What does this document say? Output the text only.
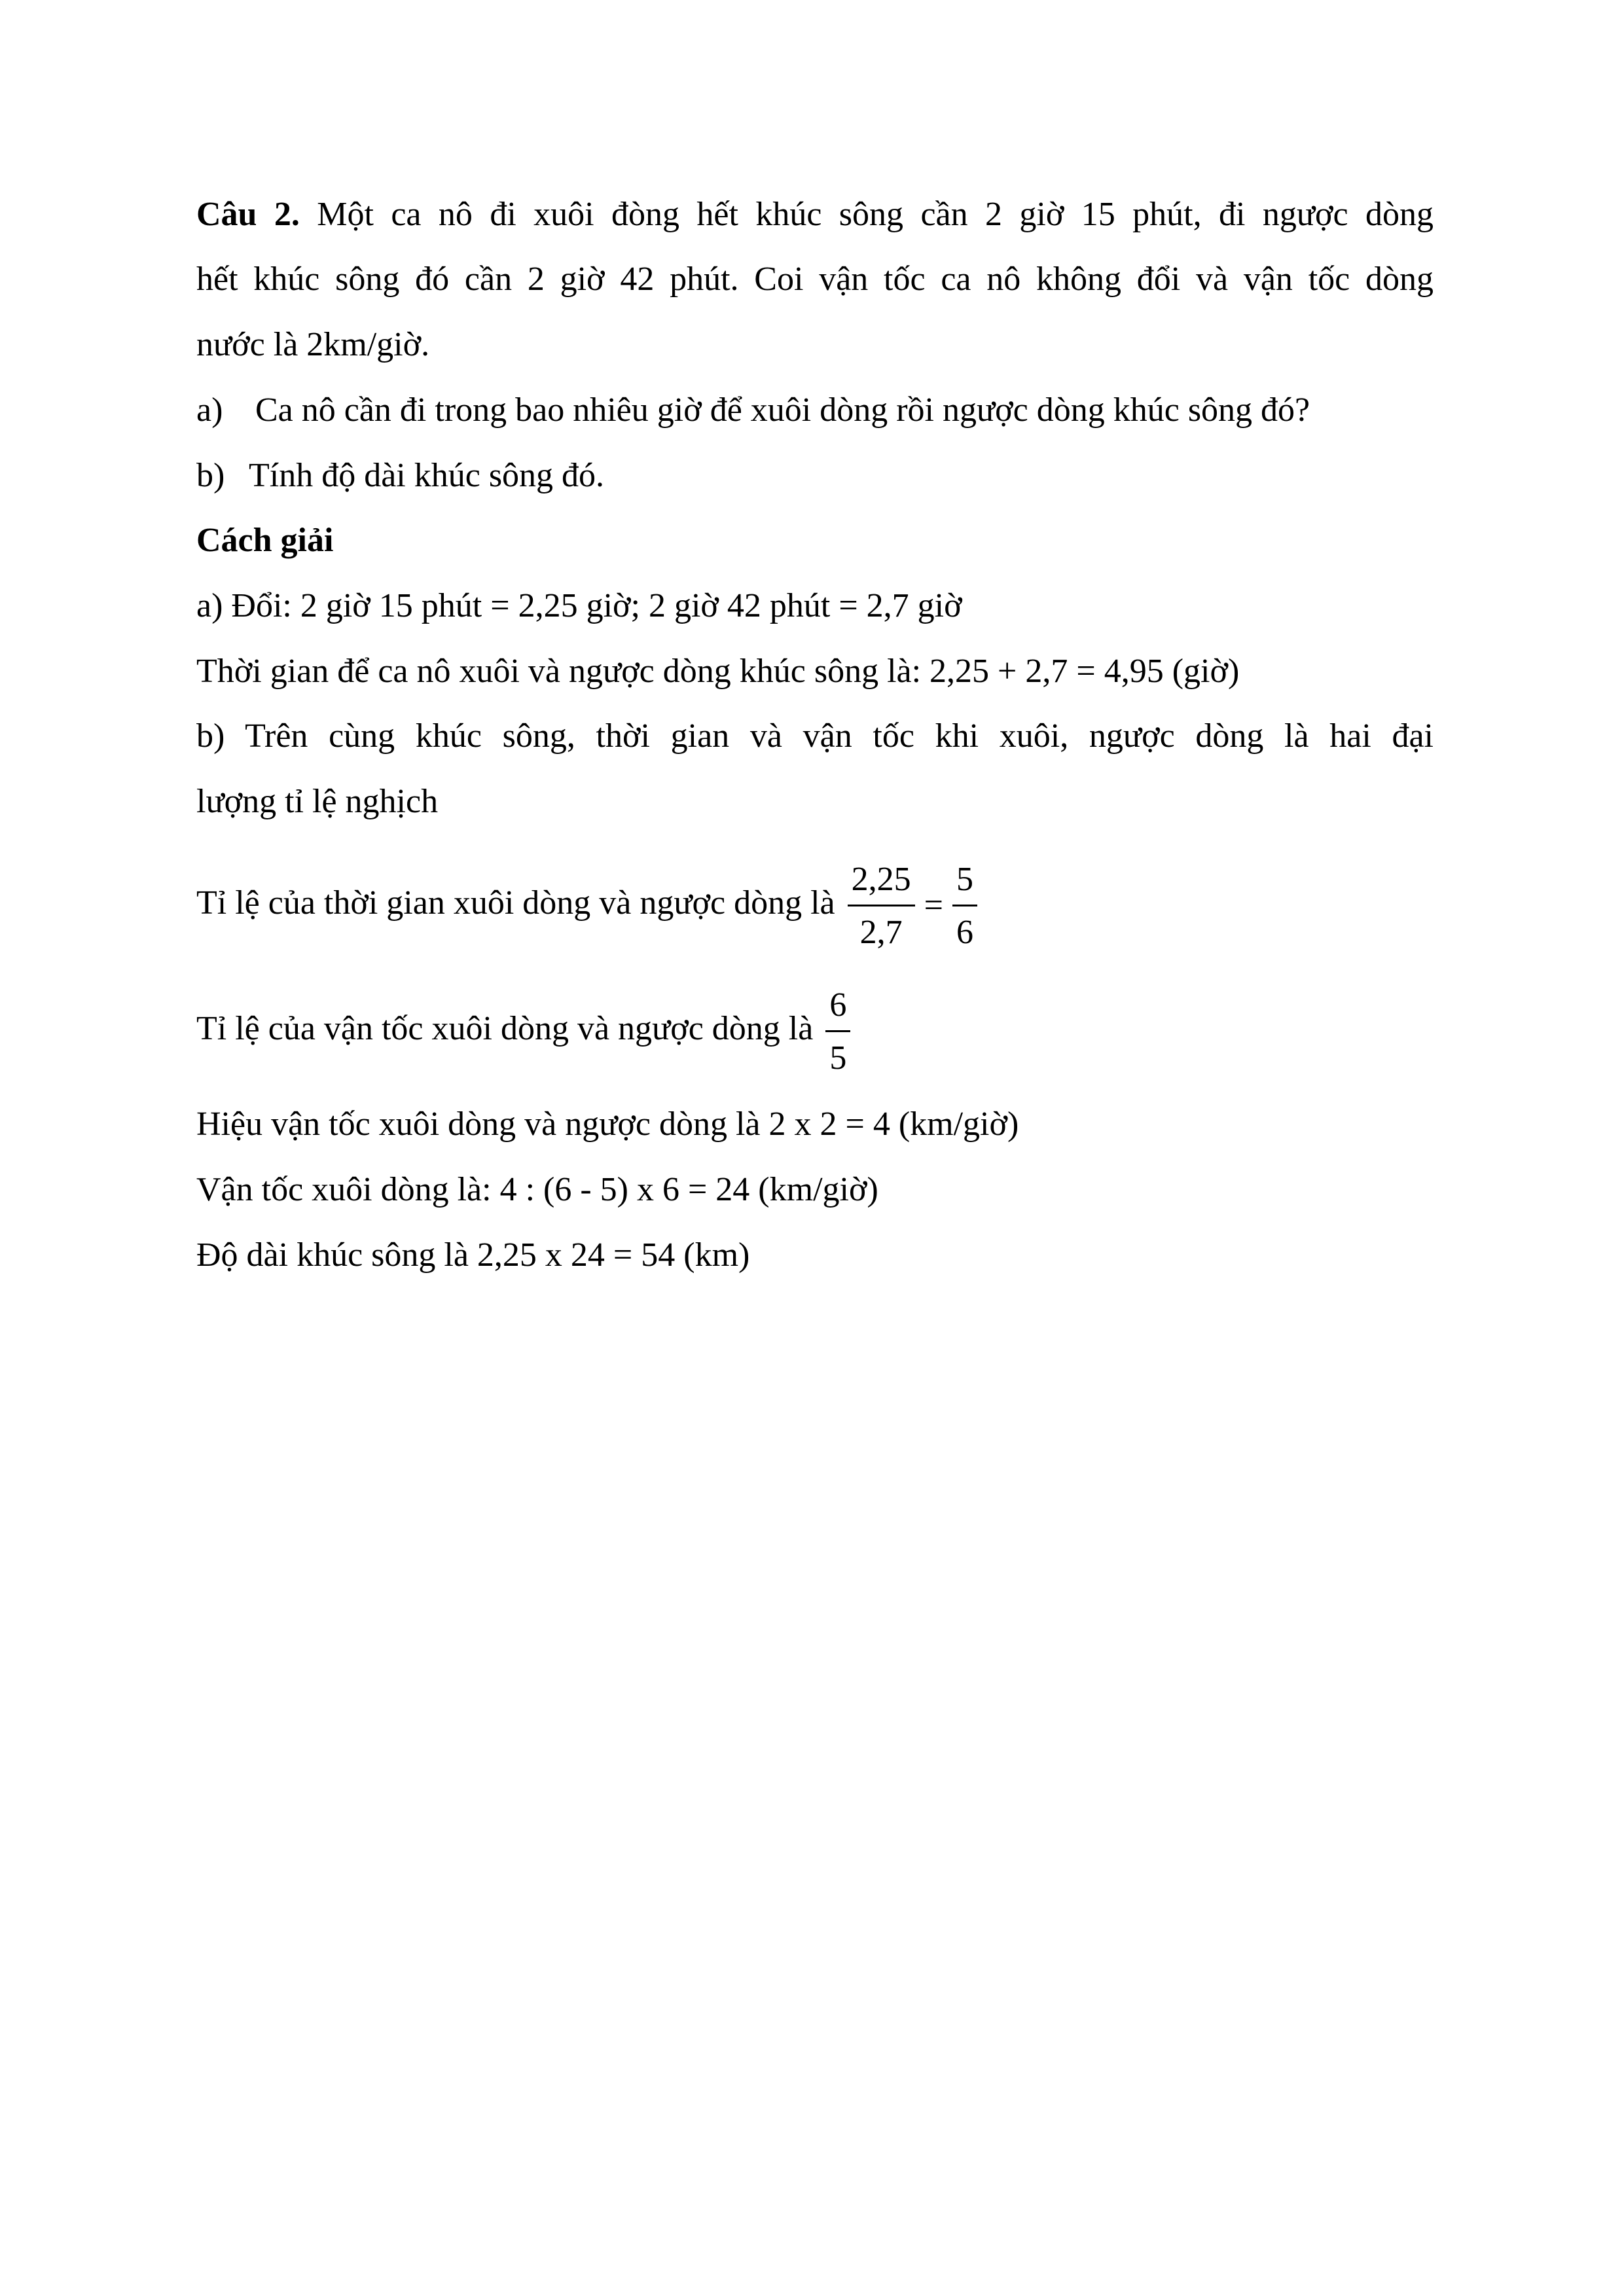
Câu 2. Một ca nô đi xuôi đòng hết khúc sông cần 2 giờ 15 phút, đi ngược dòng
hết khúc sông đó cần 2 giờ 42 phút. Coi vận tốc ca nô không đổi và vận tốc dòng
nước là 2km/giờ.
a) Ca nô cần đi trong bao nhiêu giờ để xuôi dòng rồi ngược dòng khúc sông đó?
b) Tính độ dài khúc sông đó.
Cách giải
a) Đổi: 2 giờ 15 phút = 2,25 giờ; 2 giờ 42 phút = 2,7 giờ
Thời gian để ca nô xuôi và ngược dòng khúc sông là: 2,25 + 2,7 = 4,95 (giờ)
b) Trên cùng khúc sông, thời gian và vận tốc khi xuôi, ngược dòng là hai đại
lượng tỉ lệ nghịch
Tỉ lệ của thời gian xuôi dòng và ngược dòng là $\frac{2,25}{2,7} = \frac{5}{6}$
Tỉ lệ của vận tốc xuôi dòng và ngược dòng là $\frac{6}{5}$
Hiệu vận tốc xuôi dòng và ngược dòng là 2 x 2 = 4 (km/giờ)
Vận tốc xuôi dòng là: 4 : (6 - 5) x 6 = 24 (km/giờ)
Độ dài khúc sông là 2,25 x 24 = 54 (km)
